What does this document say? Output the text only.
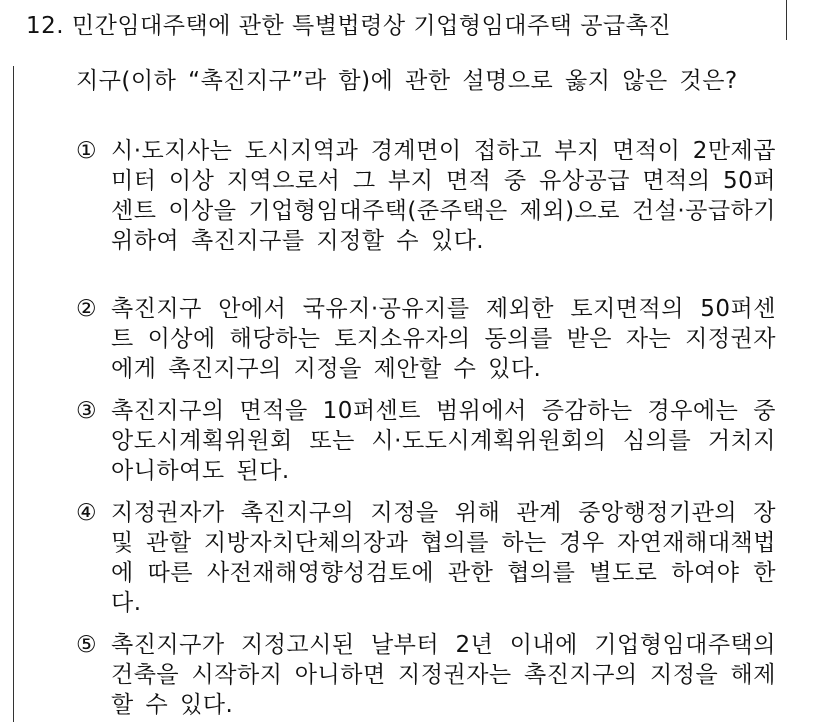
12. 민간임대주택에 관한 특별법령상 기업형임대주택 공급촉진
지구(이하 “촉진지구”라 함)에 관한 설명으로 옳지 않은 것은?
① 시·도지사는 도시지역과 경계면이 접하고 부지 면적이 2만제곱미터 이상 지역으로서 그 부지 면적 중 유상공급 면적의 50퍼센트 이상을 기업형임대주택(준주택은 제외)으로 건설·공급하기 위하여 촉진지구를 지정할 수 있다.
② 촉진지구 안에서 국유지·공유지를 제외한 토지면적의 50퍼센트 이상에 해당하는 토지소유자의 동의를 받은 자는 지정권자에게 촉진지구의 지정을 제안할 수 있다.
③ 촉진지구의 면적을 10퍼센트 범위에서 증감하는 경우에는 중앙도시계획위원회 또는 시·도도시계획위원회의 심의를 거치지 아니하여도 된다.
④ 지정권자가 촉진지구의 지정을 위해 관계 중앙행정기관의 장 및 관할 지방자치단체의장과 협의를 하는 경우 자연재해대책법에 따른 사전재해영향성검토에 관한 협의를 별도로 하여야 한다.
⑤ 촉진지구가 지정고시된 날부터 2년 이내에 기업형임대주택의 건축을 시작하지 아니하면 지정권자는 촉진지구의 지정을 해제할 수 있다.
